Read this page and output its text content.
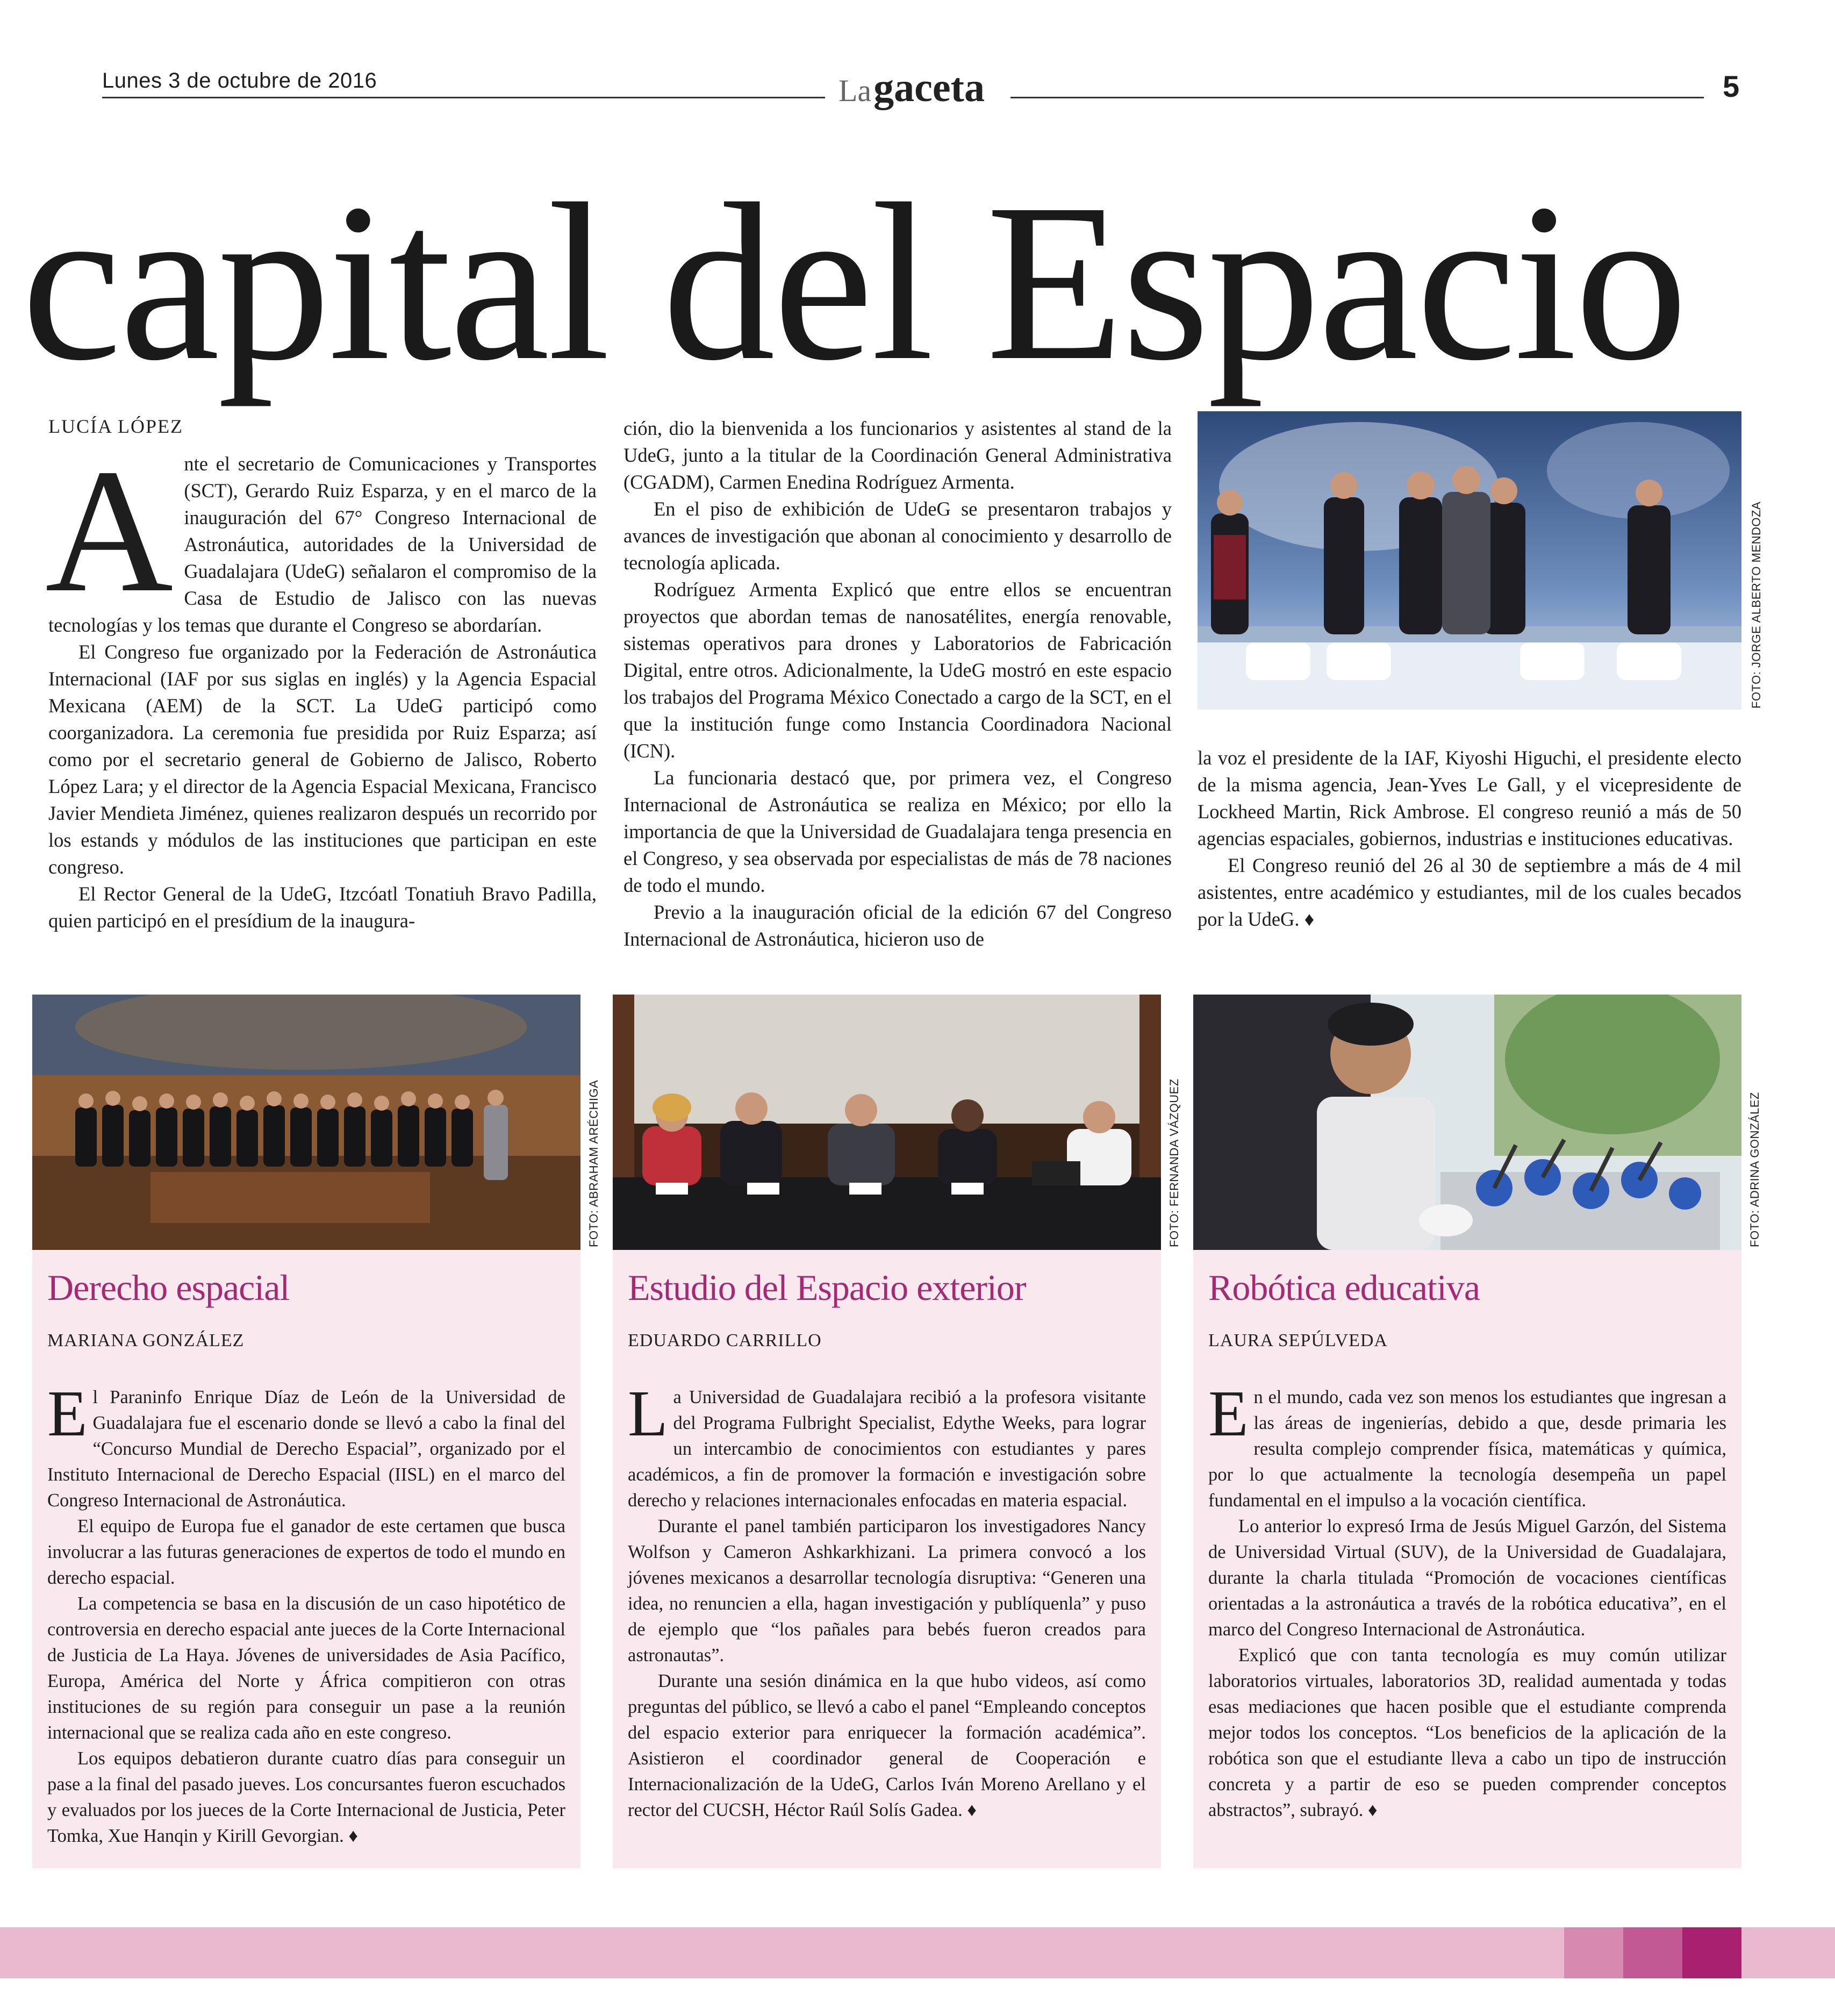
Lunes 3 de octubre de 2016	La gaceta	5
capital del Espacio
LUCÍA LÓPEZ

Ante el secretario de Comunicaciones y Transportes (SCT), Gerardo Ruiz Esparza, y en el marco de la inauguración del 67° Congreso Internacional de Astronáutica, autoridades de la Universidad de Guadalajara (UdeG) señalaron el compromiso de la Casa de Estudio de Jalisco con las nuevas tecnologías y los temas que durante el Congreso se abordarían.

El Congreso fue organizado por la Federación de Astronáutica Internacional (IAF por sus siglas en inglés) y la Agencia Espacial Mexicana (AEM) de la SCT. La UdeG participó como coorganizadora. La ceremonia fue presidida por Ruiz Esparza; así como por el secretario general de Gobierno de Jalisco, Roberto López Lara; y el director de la Agencia Espacial Mexicana, Francisco Javier Mendieta Jiménez, quienes realizaron después un recorrido por los estands y módulos de las instituciones que participan en este congreso.

El Rector General de la UdeG, Itzcóatl Tonatiuh Bravo Padilla, quien participó en el presídium de la inaugura-

ción, dio la bienvenida a los funcionarios y asistentes al stand de la UdeG, junto a la titular de la Coordinación General Administrativa (CGADM), Carmen Enedina Rodríguez Armenta.

En el piso de exhibición de UdeG se presentaron trabajos y avances de investigación que abonan al conocimiento y desarrollo de tecnología aplicada.

Rodríguez Armenta Explicó que entre ellos se encuentran proyectos que abordan temas de nanosatélites, energía renovable, sistemas operativos para drones y Laboratorios de Fabricación Digital, entre otros. Adicionalmente, la UdeG mostró en este espacio los trabajos del Programa México Conectado a cargo de la SCT, en el que la institución funge como Instancia Coordinadora Nacional (ICN).

La funcionaria destacó que, por primera vez, el Congreso Internacional de Astronáutica se realiza en México; por ello la importancia de que la Universidad de Guadalajara tenga presencia en el Congreso, y sea observada por especialistas de más de 78 naciones de todo el mundo.

Previo a la inauguración oficial de la edición 67 del Congreso Internacional de Astronáutica, hicieron uso de

FOTO: JORGE ALBERTO MENDOZA

la voz el presidente de la IAF, Kiyoshi Higuchi, el presidente electo de la misma agencia, Jean-Yves Le Gall, y el vicepresidente de Lockheed Martin, Rick Ambrose. El congreso reunió a más de 50 agencias espaciales, gobiernos, industrias e instituciones educativas.

El Congreso reunió del 26 al 30 de septiembre a más de 4 mil asistentes, entre académico y estudiantes, mil de los cuales becados por la UdeG. ♦

FOTO: ABRAHAM ARÉCHIGA
Derecho espacial
MARIANA GONZÁLEZ

El Paraninfo Enrique Díaz de León de la Universidad de Guadalajara fue el escenario donde se llevó a cabo la final del “Concurso Mundial de Derecho Espacial”, organizado por el Instituto Internacional de Derecho Espacial (IISL) en el marco del Congreso Internacional de Astronáutica.

El equipo de Europa fue el ganador de este certamen que busca involucrar a las futuras generaciones de expertos de todo el mundo en derecho espacial.

La competencia se basa en la discusión de un caso hipotético de controversia en derecho espacial ante jueces de la Corte Internacional de Justicia de La Haya. Jóvenes de universidades de Asia Pacífico, Europa, América del Norte y África compitieron con otras instituciones de su región para conseguir un pase a la reunión internacional que se realiza cada año en este congreso.

Los equipos debatieron durante cuatro días para conseguir un pase a la final del pasado jueves. Los concursantes fueron escuchados y evaluados por los jueces de la Corte Internacional de Justicia, Peter Tomka, Xue Hanqin y Kirill Gevorgian. ♦

FOTO: FERNANDA VÁZQUEZ
Estudio del Espacio exterior
EDUARDO CARRILLO

La Universidad de Guadalajara recibió a la profesora visitante del Programa Fulbright Specialist, Edythe Weeks, para lograr un intercambio de conocimientos con estudiantes y pares académicos, a fin de promover la formación e investigación sobre derecho y relaciones internacionales enfocadas en materia espacial.

Durante el panel también participaron los investigadores Nancy Wolfson y Cameron Ashkarkhizani. La primera convocó a los jóvenes mexicanos a desarrollar tecnología disruptiva: “Generen una idea, no renuncien a ella, hagan investigación y publíquenla” y puso de ejemplo que “los pañales para bebés fueron creados para astronautas”.

Durante una sesión dinámica en la que hubo videos, así como preguntas del público, se llevó a cabo el panel “Empleando conceptos del espacio exterior para enriquecer la formación académica”. Asistieron el coordinador general de Cooperación e Internacionalización de la UdeG, Carlos Iván Moreno Arellano y el rector del CUCSH, Héctor Raúl Solís Gadea. ♦

FOTO: ADRINA GONZÁLEZ
Robótica educativa
LAURA SEPÚLVEDA

En el mundo, cada vez son menos los estudiantes que ingresan a las áreas de ingenierías, debido a que, desde primaria les resulta complejo comprender física, matemáticas y química, por lo que actualmente la tecnología desempeña un papel fundamental en el impulso a la vocación científica.

Lo anterior lo expresó Irma de Jesús Miguel Garzón, del Sistema de Universidad Virtual (SUV), de la Universidad de Guadalajara, durante la charla titulada “Promoción de vocaciones científicas orientadas a la astronáutica a través de la robótica educativa”, en el marco del Congreso Internacional de Astronáutica.

Explicó que con tanta tecnología es muy común utilizar laboratorios virtuales, laboratorios 3D, realidad aumentada y todas esas mediaciones que hacen posible que el estudiante comprenda mejor todos los conceptos. “Los beneficios de la aplicación de la robótica son que el estudiante lleva a cabo un tipo de instrucción concreta y a partir de eso se pueden comprender conceptos abstractos”, subrayó. ♦
